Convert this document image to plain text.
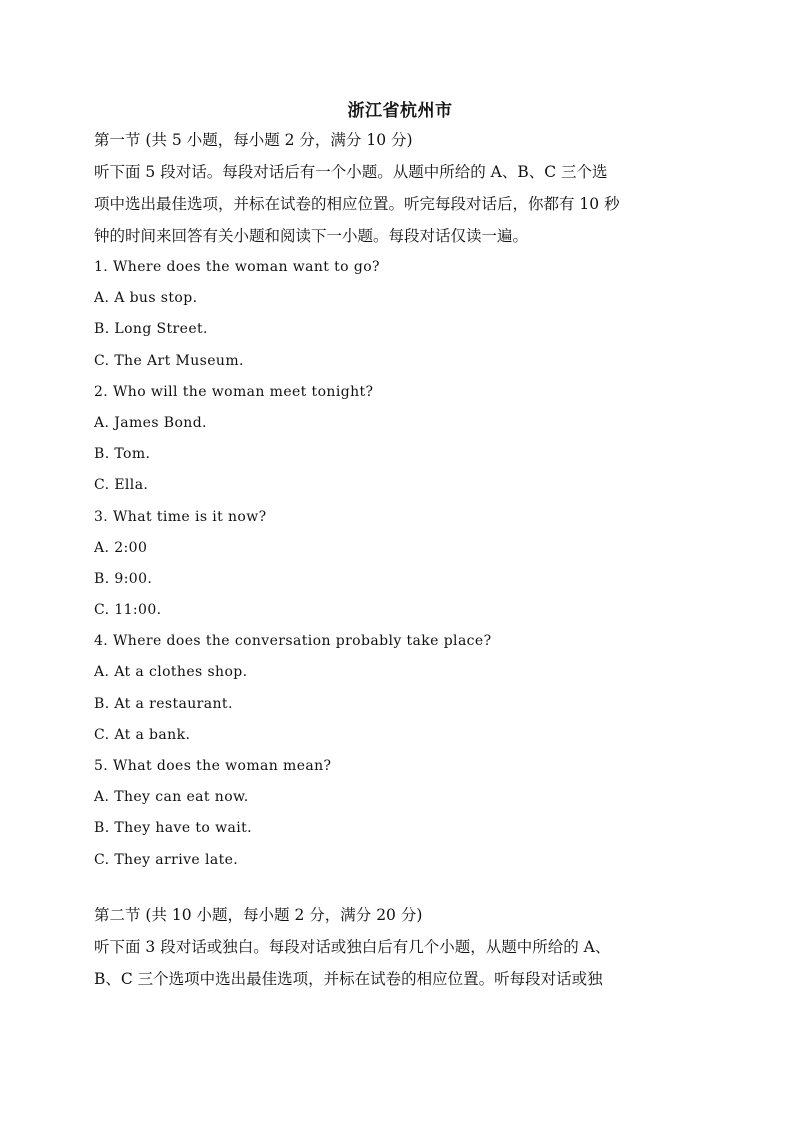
浙江省杭州市
第一节 (共 5 小题，每小题 2 分，满分 10 分)
听下面 5 段对话。每段对话后有一个小题。从题中所给的 A、B、C 三个选
项中选出最佳选项，并标在试卷的相应位置。听完每段对话后，你都有 10 秒
钟的时间来回答有关小题和阅读下一小题。每段对话仅读一遍。
1. Where does the woman want to go?
A. A bus stop.
B. Long Street.
C. The Art Museum.
2. Who will the woman meet tonight?
A. James Bond.
B. Tom.
C. Ella.
3. What time is it now?
A. 2:00
B. 9:00.
C. 11:00.
4. Where does the conversation probably take place?
A. At a clothes shop.
B. At a restaurant.
C. At a bank.
5. What does the woman mean?
A. They can eat now.
B. They have to wait.
C. They arrive late.
第二节 (共 10 小题，每小题 2 分，满分 20 分)
听下面 3 段对话或独白。每段对话或独白后有几个小题，从题中所给的 A、
B、C 三个选项中选出最佳选项，并标在试卷的相应位置。听每段对话或独
